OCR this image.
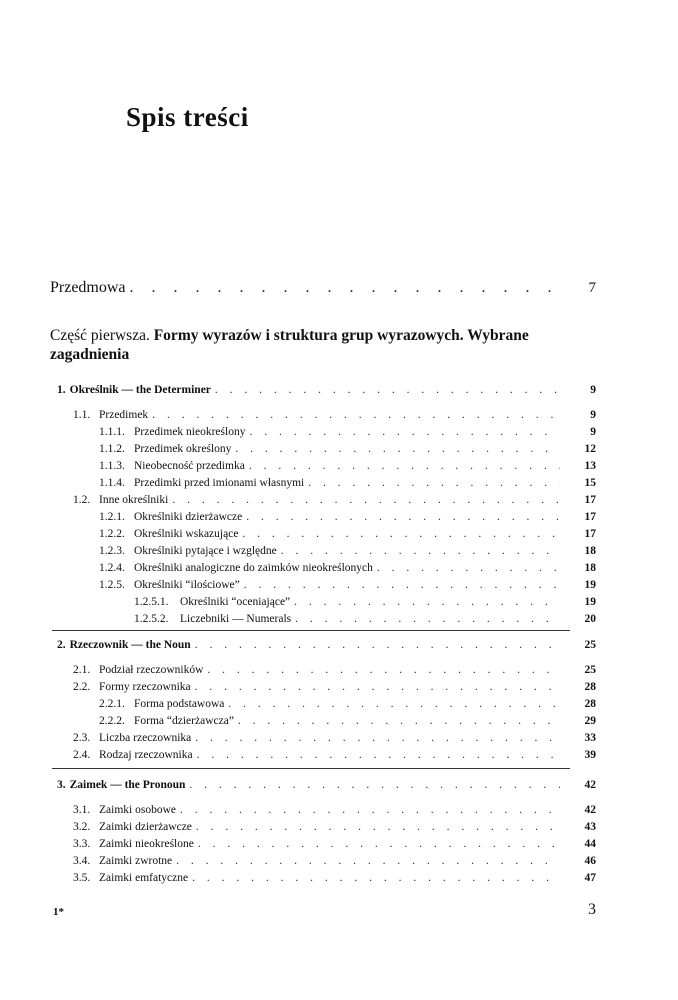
Spis treści
Przedmowa . . .	7
Część pierwsza. Formy wyrazów i struktura grup wyrazowych. Wybrane zagadnienia
1. Określnik — the Determiner . . .	9
1.1. Przedimek . . .	9
1.1.1. Przedimek nieokreślony . . .	9
1.1.2. Przedimek określony . . .	12
1.1.3. Nieobecność przedimka . . .	13
1.1.4. Przedimki przed imionami własnymi . . .	15
1.2. Inne określniki . . .	17
1.2.1. Określniki dzierżawcze . . .	17
1.2.2. Określniki wskazujące . . .	17
1.2.3. Określniki pytające i względne . . .	18
1.2.4. Określniki analogiczne do zaimków nieokreślonych . . .	18
1.2.5. Określniki “ilościowe” . . .	19
1.2.5.1.	Określniki “oceniające” . . .	19
1.2.5.2.	Liczebniki — Numerals . . .	20
2. Rzeczownik — the Noun . . .	25
2.1. Podział rzeczowników . . .	25
2.2. Formy rzeczownika . . .	28
2.2.1. Forma podstawowa . . .	28
2.2.2. Forma “dzierżawcza” . . .	29
2.3. Liczba rzeczownika . . .	33
2.4. Rodzaj rzeczownika . . .	39
3. Zaimek — the Pronoun . . .	42
3.1. Zaimki osobowe . . .	42
3.2. Zaimki dzierżawcze . . .	43
3.3. Zaimki nieokreślone . . .	44
3.4. Zaimki zwrotne . . .	46
3.5. Zaimki emfatyczne . . .	47
1*	3
